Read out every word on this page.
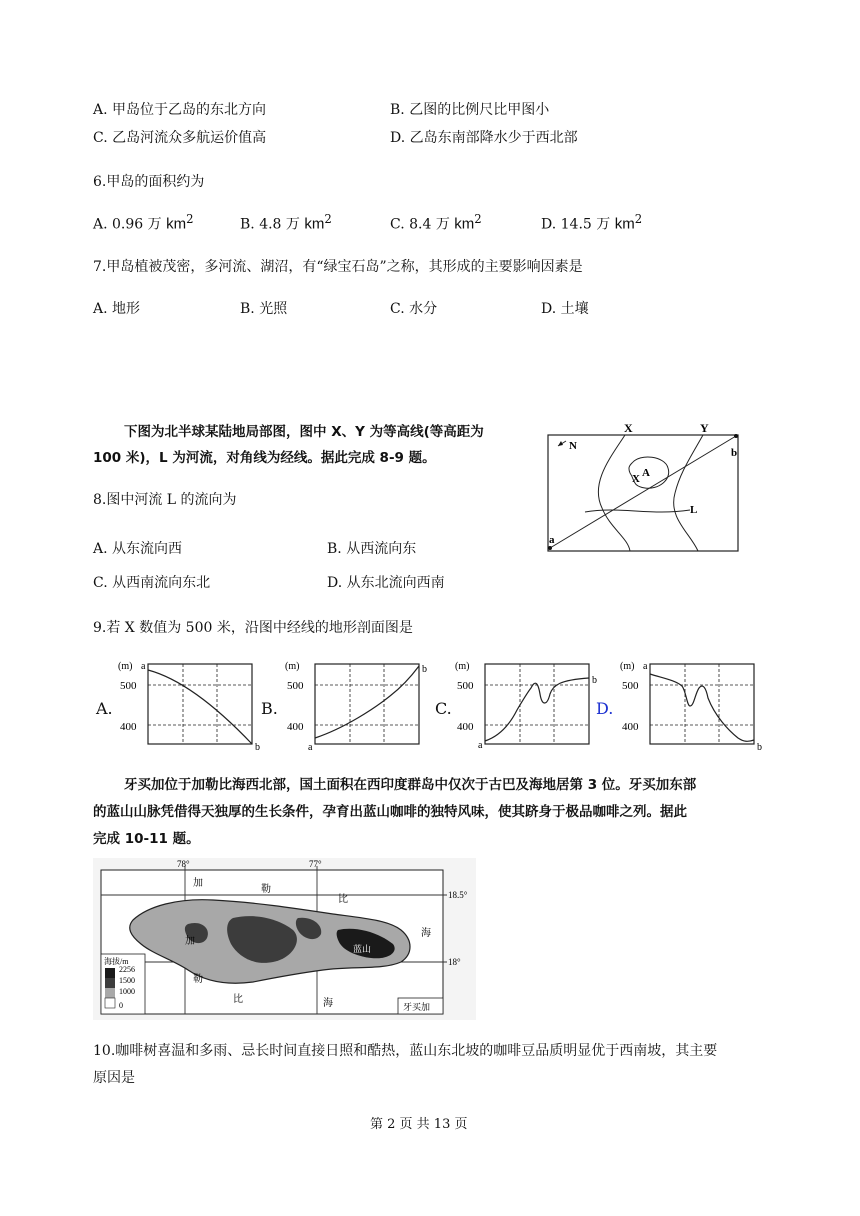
A. 甲岛位于乙岛的东北方向	B. 乙图的比例尺比甲图小
C. 乙岛河流众多航运价值高	D. 乙岛东南部降水少于西北部
6.甲岛的面积约为
A. 0.96 万 $km^2$	B. 4.8 万 $km^2$	C. 8.4 万 $km^2$	D. 14.5 万 $km^2$
7.甲岛植被茂密，多河流、湖沼，有“绿宝石岛”之称，其形成的主要影响因素是
A. 地形	B. 光照	C. 水分	D. 土壤
下图为北半球某陆地局部图，图中 X、Y 为等高线(等高距为
100 米)，L 为河流，对角线为经线。据此完成 8-9 题。
N
X	Y
b
a
X A
L
8.图中河流 L 的流向为
A. 从东流向西	B. 从西流向东
C. 从西南流向东北	D. 从东北流向西南
9.若 X 数值为 500 米，沿图中经线的地形剖面图是
A.
(m) a
500
400
b
B.
(m)
500
400
a
b
C.
(m)
500
400
a
b
D.
(m) a
500
400
b
牙买加位于加勒比海西北部，国土面积在西印度群岛中仅次于古巴及海地居第 3 位。牙买加东部
的蓝山山脉凭借得天独厚的生长条件，孕育出蓝山咖啡的独特风味，使其跻身于极品咖啡之列。据此
完成 10-11 题。
海拔/m
2256
1500
1000
0
78°	77°
18.5°
18°
加
勒
比
海
加
勒
比	海
蓝山
牙买加
10.咖啡树喜温和多雨、忌长时间直接日照和酷热，蓝山东北坡的咖啡豆品质明显优于西南坡，其主要
原因是
第 2 页 共 13 页
